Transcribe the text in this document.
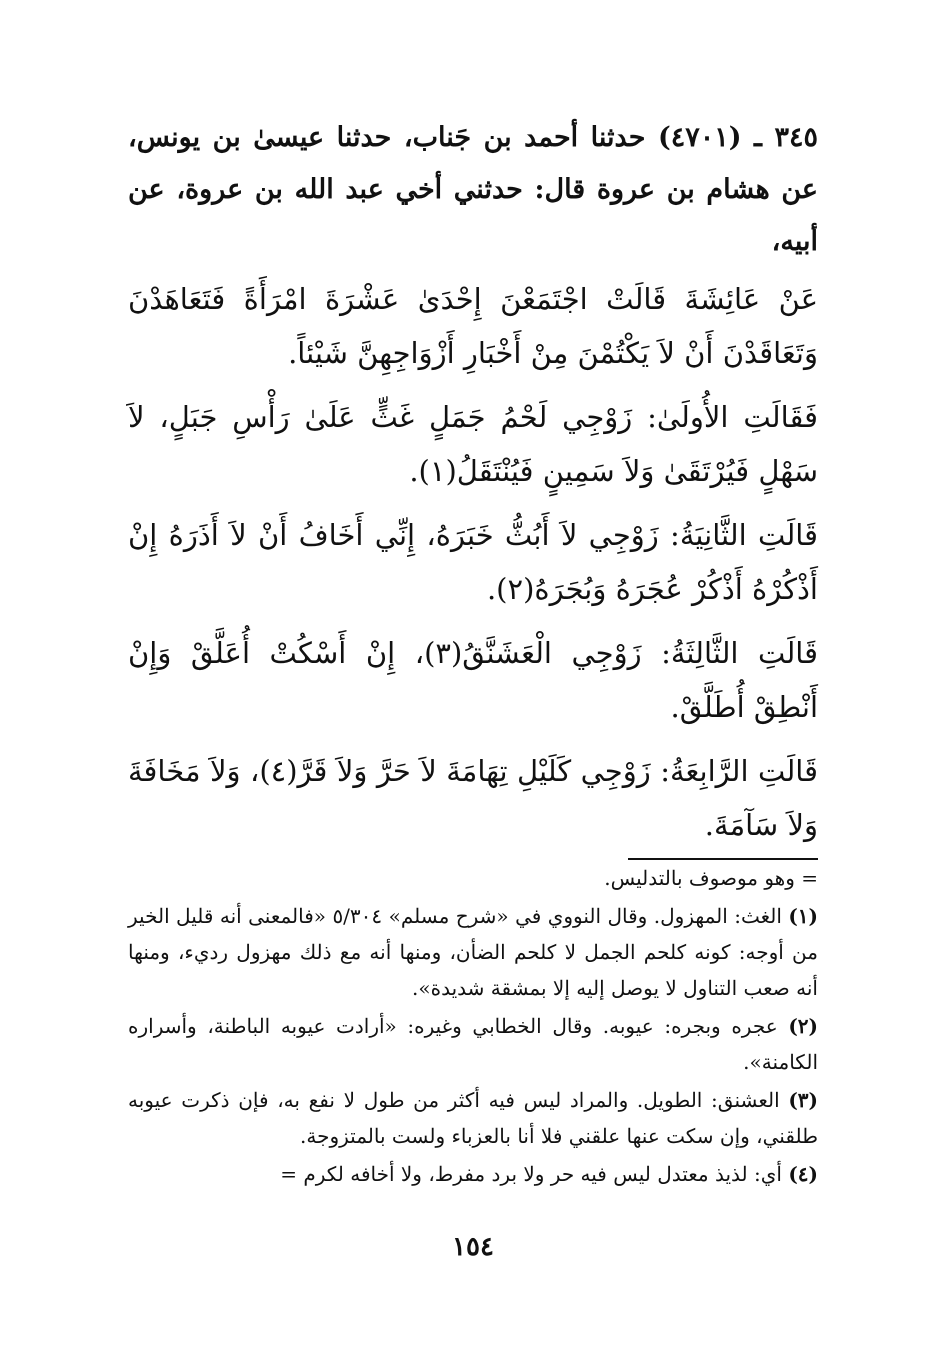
٣٤٥ ـ (٤٧٠١) حدثنا أحمد بن جَناب، حدثنا عيسىٰ بن يونس، عن هشام بن عروة قال: حدثني أخي عبد الله بن عروة، عن أبيه،

عَنْ عَائِشَةَ قَالَتْ اجْتَمَعْنَ إِحْدَىٰ عَشْرَةَ امْرَأَةً فَتَعَاهَدْنَ وَتَعَاقَدْنَ أَنْ لاَ يَكْتُمْنَ مِنْ أَخْبَارِ أَزْوَاجِهِنَّ شَيْئاً.

فَقَالَتِ الأُولَىٰ: زَوْجِي لَحْمُ جَمَلٍ غَثٍّ عَلَىٰ رَأْسِ جَبَلٍ، لاَ سَهْلٍ فَيُرْتَقَىٰ وَلاَ سَمِينٍ فَيُنْتَقَلُ(١).

قَالَتِ الثَّانِيَةُ: زَوْجِي لاَ أَبُثُّ خَبَرَهُ، إِنِّي أَخَافُ أَنْ لاَ أَذَرَهُ إِنْ أَذْكُرْهُ أَذْكُرْ عُجَرَهُ وَبُجَرَهُ(٢).

قَالَتِ الثَّالِثَةُ: زَوْجِي الْعَشَنَّقُ(٣)، إِنْ أَسْكُتْ أُعَلَّقْ وَإِنْ أَنْطِقْ أُطَلَّقْ.

قَالَتِ الرَّابِعَةُ: زَوْجِي كَلَيْلِ تِهَامَةَ لاَ حَرَّ وَلاَ قَرَّ(٤)، وَلاَ مَخَافَةَ وَلاَ سَآمَةَ.

= وهو موصوف بالتدليس.

(١) الغث: المهزول. وقال النووي في «شرح مسلم» ٥/٣٠٤ «فالمعنى أنه قليل الخير من أوجه: كونه كلحم الجمل لا كلحم الضأن، ومنها أنه مع ذلك مهزول رديء، ومنها أنه صعب التناول لا يوصل إليه إلا بمشقة شديدة».

(٢) عجره وبجره: عيوبه. وقال الخطابي وغيره: «أرادت عيوبه الباطنة، وأسراره الكامنة».

(٣) العشنق: الطويل. والمراد ليس فيه أكثر من طول لا نفع به، فإن ذكرت عيوبه طلقني، وإن سكت عنها علقني فلا أنا بالعزباء ولست بالمتزوجة.

(٤) أي: لذيذ معتدل ليس فيه حر ولا برد مفرط، ولا أخافه لكرم =

١٥٤
